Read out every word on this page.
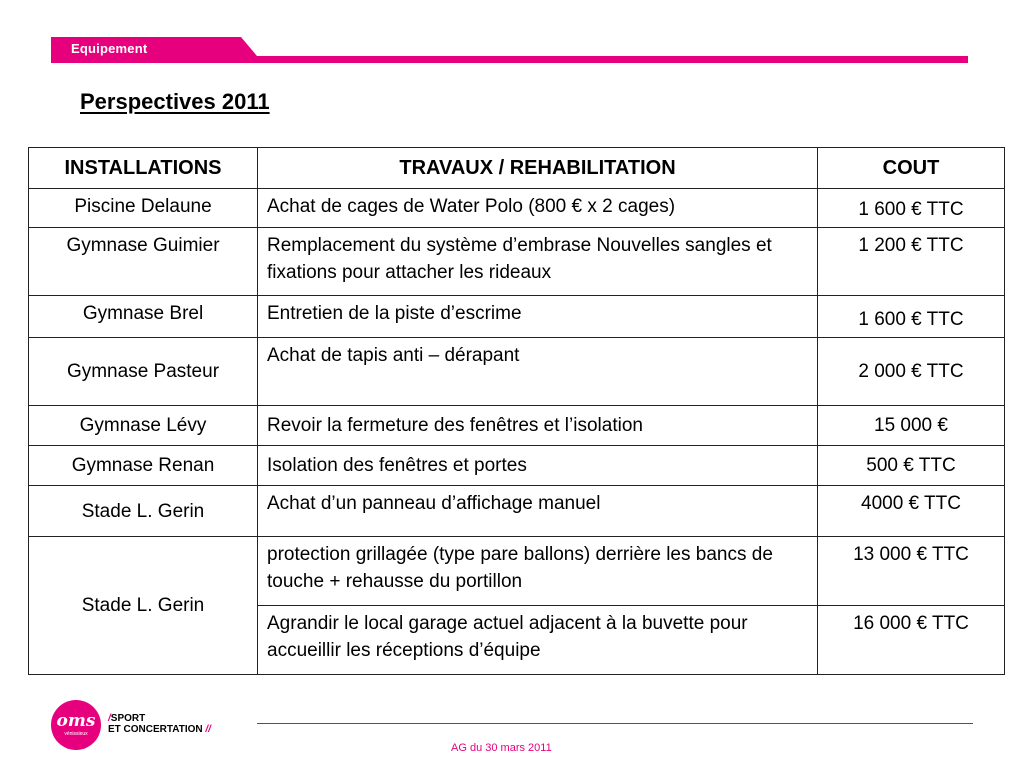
Equipement
Perspectives 2011
INSTALLATIONS	TRAVAUX / REHABILITATION	COUT
Piscine Delaune	Achat de cages de Water Polo (800 € x 2 cages)	1 600 € TTC
Gymnase Guimier	Remplacement du système d’embrase Nouvelles sangles et fixations pour attacher les rideaux	1 200 € TTC
Gymnase Brel	Entretien de la piste d’escrime	1 600 € TTC
Gymnase Pasteur	Achat de tapis anti – dérapant	2 000 € TTC
Gymnase Lévy	Revoir la fermeture des fenêtres et l’isolation	15 000 €
Gymnase Renan	Isolation des fenêtres et portes	500 € TTC
Stade L. Gerin	Achat d’un panneau d’affichage manuel	4000 € TTC
Stade L. Gerin	protection grillagée (type pare ballons) derrière les bancs de touche + rehausse du portillon	13 000 € TTC
	Agrandir le local garage actuel adjacent à la buvette pour accueillir les réceptions d’équipe	16 000 € TTC
oms
vénissieux
/SPORT
ET CONCERTATION //
AG du 30 mars 2011
